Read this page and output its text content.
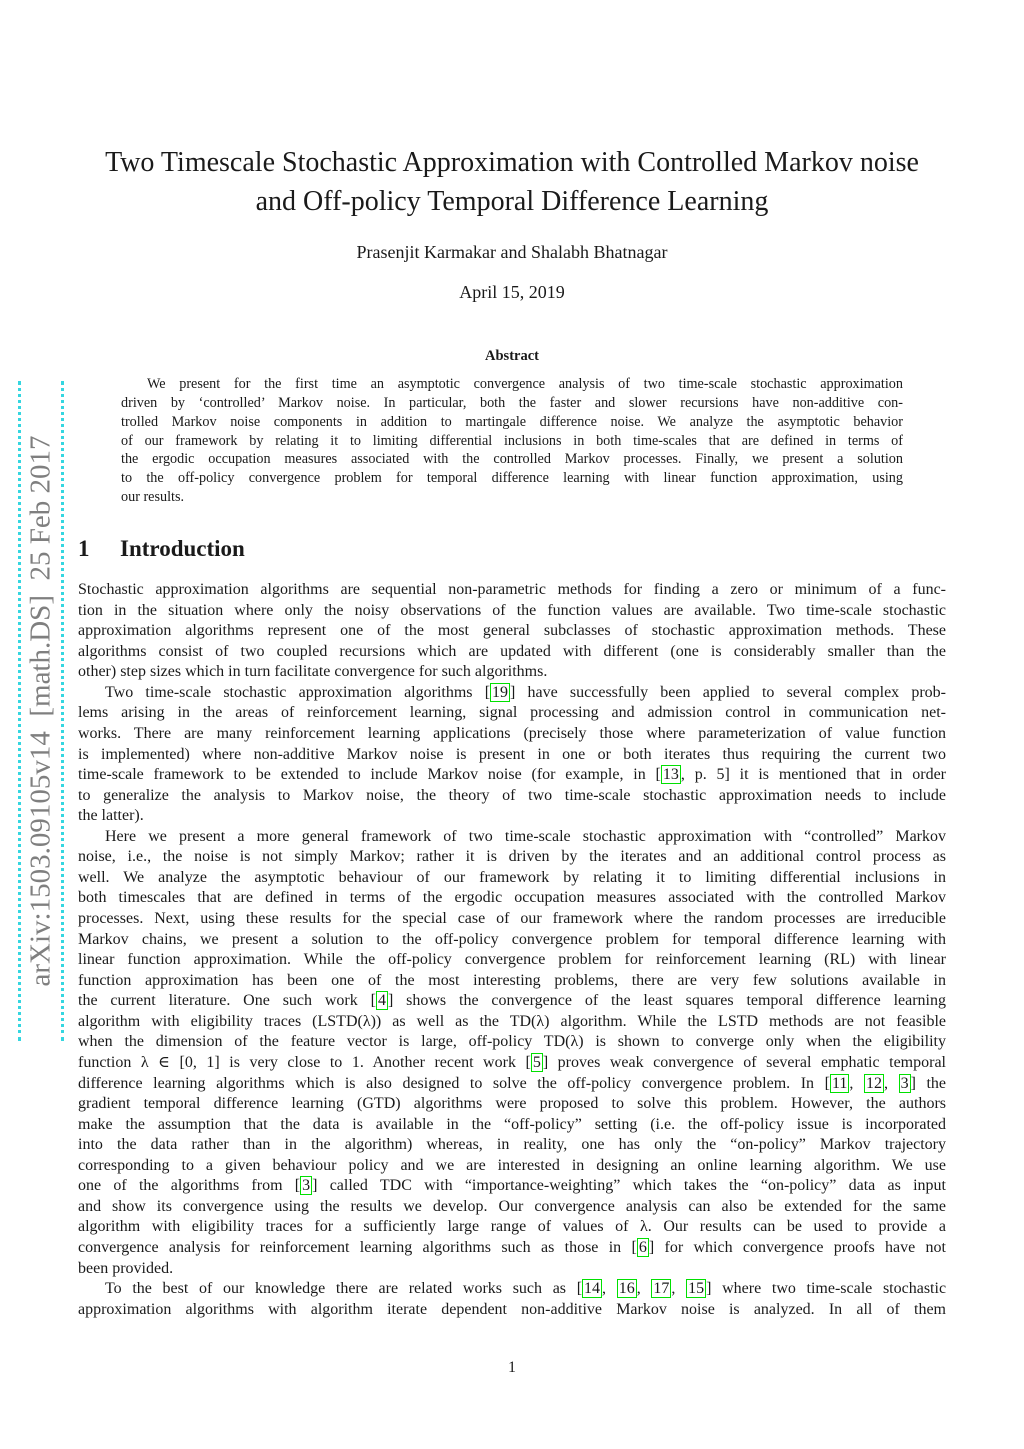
arXiv:1503.09105v14  [math.DS]  25 Feb 2017
Two Timescale Stochastic Approximation with Controlled Markov noise
and Off-policy Temporal Difference Learning
Prasenjit Karmakar and Shalabh Bhatnagar
April 15, 2019
Abstract
We present for the first time an asymptotic convergence analysis of two time-scale stochastic approximation
driven by ‘controlled’ Markov noise. In particular, both the faster and slower recursions have non-additive con-
trolled Markov noise components in addition to martingale difference noise. We analyze the asymptotic behavior
of our framework by relating it to limiting differential inclusions in both time-scales that are defined in terms of
the ergodic occupation measures associated with the controlled Markov processes. Finally, we present a solution
to the off-policy convergence problem for temporal difference learning with linear function approximation, using
our results.
1 Introduction
Stochastic approximation algorithms are sequential non-parametric methods for finding a zero or minimum of a func-
tion in the situation where only the noisy observations of the function values are available. Two time-scale stochastic
approximation algorithms represent one of the most general subclasses of stochastic approximation methods. These
algorithms consist of two coupled recursions which are updated with different (one is considerably smaller than the
other) step sizes which in turn facilitate convergence for such algorithms.
Two time-scale stochastic approximation algorithms [ 19 ] have successfully been applied to several complex prob-
lems arising in the areas of reinforcement learning, signal processing and admission control in communication net-
works. There are many reinforcement learning applications (precisely those where parameterization of value function
is implemented) where non-additive Markov noise is present in one or both iterates thus requiring the current two
time-scale framework to be extended to include Markov noise (for example, in [ 13 , p. 5] it is mentioned that in order
to generalize the analysis to Markov noise, the theory of two time-scale stochastic approximation needs to include
the latter).
Here we present a more general framework of two time-scale stochastic approximation with “controlled” Markov
noise, i.e., the noise is not simply Markov; rather it is driven by the iterates and an additional control process as
well. We analyze the asymptotic behaviour of our framework by relating it to limiting differential inclusions in
both timescales that are defined in terms of the ergodic occupation measures associated with the controlled Markov
processes. Next, using these results for the special case of our framework where the random processes are irreducible
Markov chains, we present a solution to the off-policy convergence problem for temporal difference learning with
linear function approximation. While the off-policy convergence problem for reinforcement learning (RL) with linear
function approximation has been one of the most interesting problems, there are very few solutions available in
the current literature. One such work [ 4 ] shows the convergence of the least squares temporal difference learning
algorithm with eligibility traces (LSTD(λ)) as well as the TD(λ) algorithm. While the LSTD methods are not feasible
when the dimension of the feature vector is large, off-policy TD(λ) is shown to converge only when the eligibility
function λ ∈ [0, 1] is very close to 1. Another recent work [ 5 ] proves weak convergence of several emphatic temporal
difference learning algorithms which is also designed to solve the off-policy convergence problem. In [ 11 , 12 , 3 ] the
gradient temporal difference learning (GTD) algorithms were proposed to solve this problem. However, the authors
make the assumption that the data is available in the “off-policy” setting (i.e. the off-policy issue is incorporated
into the data rather than in the algorithm) whereas, in reality, one has only the “on-policy” Markov trajectory
corresponding to a given behaviour policy and we are interested in designing an online learning algorithm. We use
one of the algorithms from [ 3 ] called TDC with “importance-weighting” which takes the “on-policy” data as input
and show its convergence using the results we develop. Our convergence analysis can also be extended for the same
algorithm with eligibility traces for a sufficiently large range of values of λ. Our results can be used to provide a
convergence analysis for reinforcement learning algorithms such as those in [ 6 ] for which convergence proofs have not
been provided.
To the best of our knowledge there are related works such as [ 14 , 16 , 17 , 15 ] where two time-scale stochastic
approximation algorithms with algorithm iterate dependent non-additive Markov noise is analyzed. In all of them
1
